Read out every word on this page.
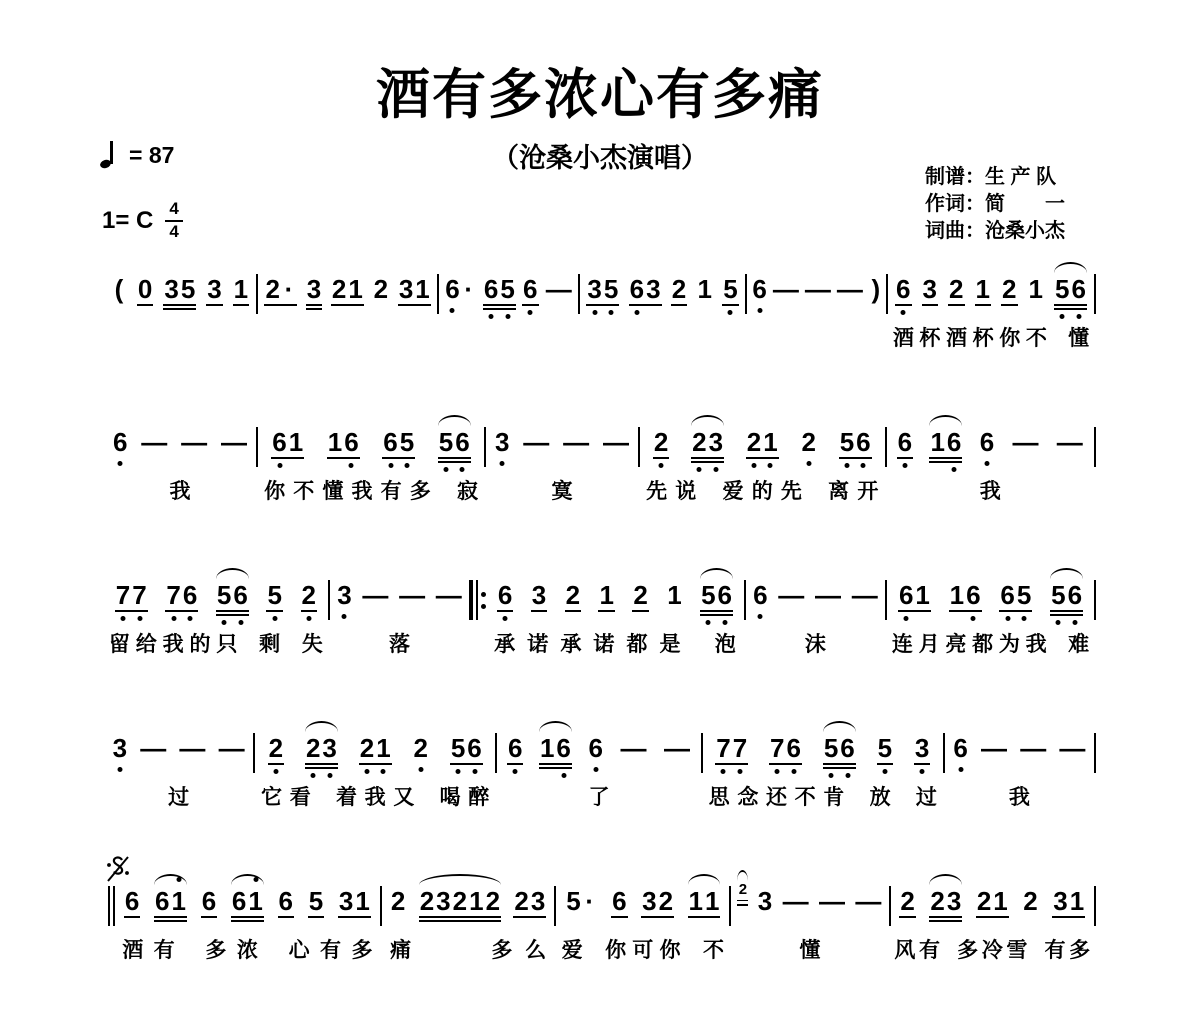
酒有多浓心有多痛
（沧桑小杰演唱）
= 87
1= C 4
4
制谱：生 产 队
作词：简　　一
词曲：沧桑小杰
( 0 3 5 3 1 2 · 3 2 1 2 3 1 6 · 6 5 6 — 3 5 6 3 2 1 5 6 — — — ) 6 3 2 1 2 1 5 6
酒 杯 酒 杯 你 不 懂
6 — — —
我
6 1 1 6 6 5 5 6
你 不 懂 我 有 多 寂
3 — — —
寞
2 2 3 2 1 2 5 6
先 说 爱 的 先 离 开
6 1 6 6 — —
我
7 7 7 6 5 6 5 2
留 给 我 的 只 剩 失
3 — — —
落
6 3 2 1 2 1 5 6
承 诺 承 诺 都 是 泡
6 — — —
沫
6 1 1 6 6 5 5 6
连 月 亮 都 为 我 难
3 — — —
过
2 2 3 2 1 2 5 6
它 看 着 我 又 喝 醉
6 1 6 6 — —
了
7 7 7 6 5 6 5 3
思 念 还 不 肯 放 过
6 — — —
我
6 6 1 6 6 1 6 5 3 1
酒 有 多 浓 心 有 多
2 2 3 2 1 2 2 3
痛

　	多 么
5 · 6 3 2 1 1
爱 你 可 你 不
2 3 — — —
懂
2 2 3 2 1 2 3 1
风 有 多 冷 雪 有 多
